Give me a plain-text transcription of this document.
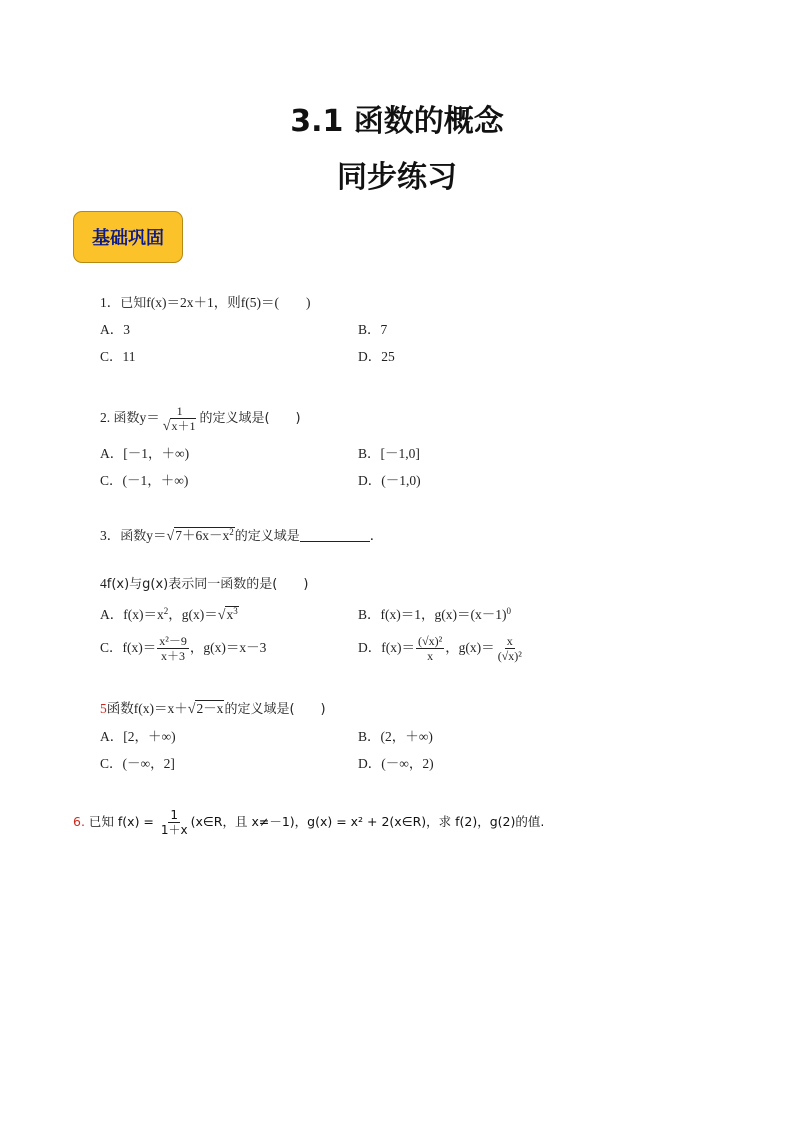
3.1 函数的概念
同步练习
基础巩固
1．已知f(x)＝2x＋1，则f(5)＝(　　)
A．3	B．7
C．11	D．25
2. 函数$y= \frac{1}{√x+1}$ 的定义域是(　　)
A．[－1，＋∞)	B．[－1,0]
C．(－1，＋∞)	D．(－1,0)
3．函数$y=√7+6x-x^2$的定义域是	．
4f(x)与g(x)表示同一函数的是(　　)
A．$f(x)=x^2$，$g(x)=√x^3$	B．f(x)＝1，$g(x)=(x-1)^0$
C．$f(x)= \frac{\text{x²－9}}{x+3}$ ，g(x)＝x－3	D．$f(x)= \frac{\text{(√x)²}}{x}$ ，$g(x)= \frac{x}{\text{(√x)²}}$
5函数f(x)＝x＋√2－x的定义域是(　　)
A．[2，＋∞)	B．(2，＋∞)
C．(－∞，2]	D．(－∞，2)
6. 已知 $f(x) = \frac{1}{1+x}$ (x∈R，且 x≠－1)，g(x) = x² + 2(x∈R)，求 f(2)，g(2)的值.
